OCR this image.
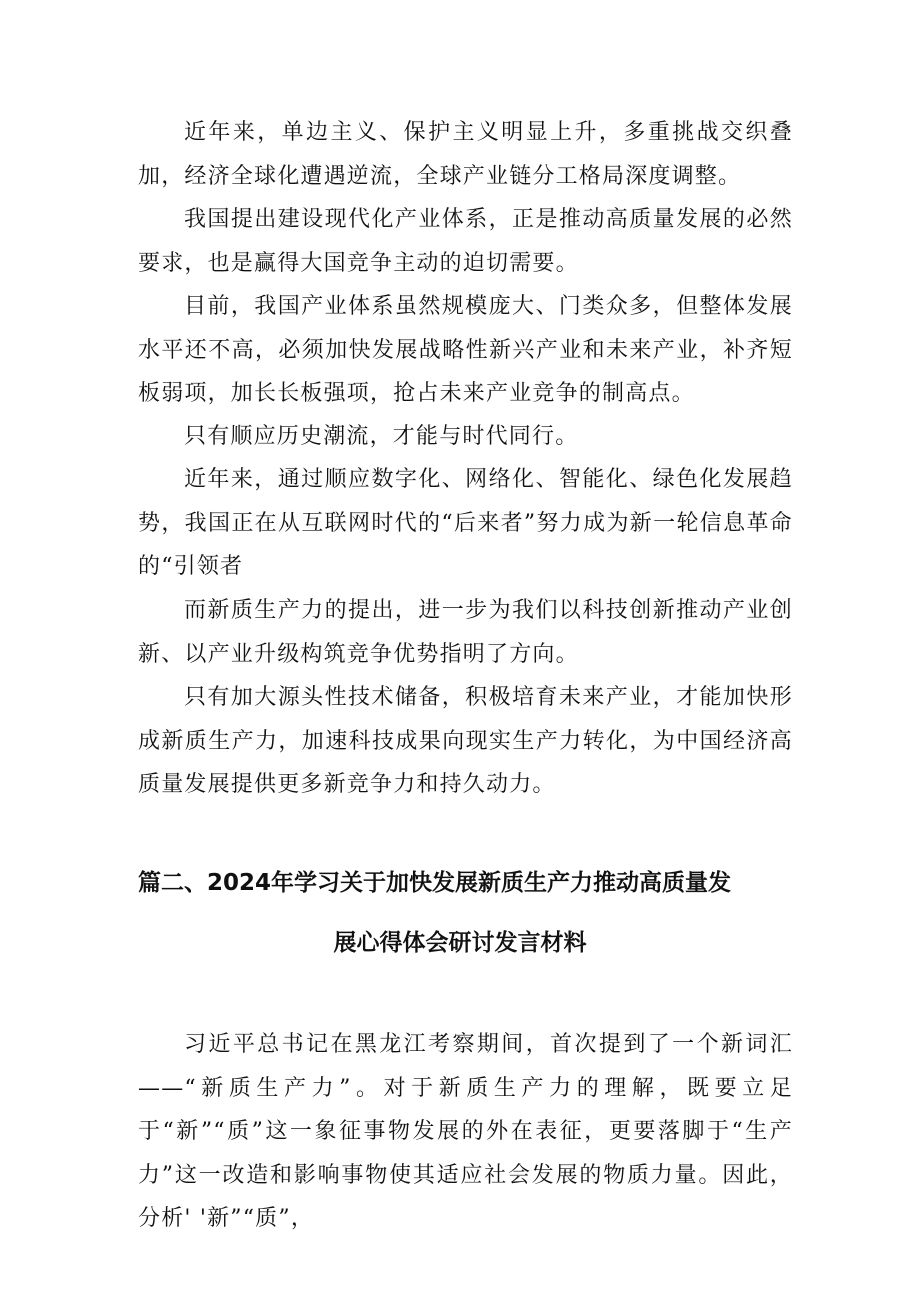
近年来，单边主义、保护主义明显上升，多重挑战交织叠加，经济全球化遭遇逆流，全球产业链分工格局深度调整。

我国提出建设现代化产业体系，正是推动高质量发展的必然要求，也是赢得大国竞争主动的迫切需要。

目前，我国产业体系虽然规模庞大、门类众多，但整体发展水平还不高，必须加快发展战略性新兴产业和未来产业，补齐短板弱项，加长长板强项，抢占未来产业竞争的制高点。

只有顺应历史潮流，才能与时代同行。

近年来，通过顺应数字化、网络化、智能化、绿色化发展趋势，我国正在从互联网时代的“后来者”努力成为新一轮信息革命的“引领者

而新质生产力的提出，进一步为我们以科技创新推动产业创新、以产业升级构筑竞争优势指明了方向。

只有加大源头性技术储备，积极培育未来产业，才能加快形成新质生产力，加速科技成果向现实生产力转化，为中国经济高质量发展提供更多新竞争力和持久动力。

篇二、2024年学习关于加快发展新质生产力推动高质量发
展心得体会研讨发言材料

习近平总书记在黑龙江考察期间，首次提到了一个新词汇——“新质生产力”。对于新质生产力的理解，既要立足于“新”“质”这一象征事物发展的外在表征，更要落脚于“生产力”这一改造和影响事物使其适应社会发展的物质力量。因此，分析' '新”“质”，
